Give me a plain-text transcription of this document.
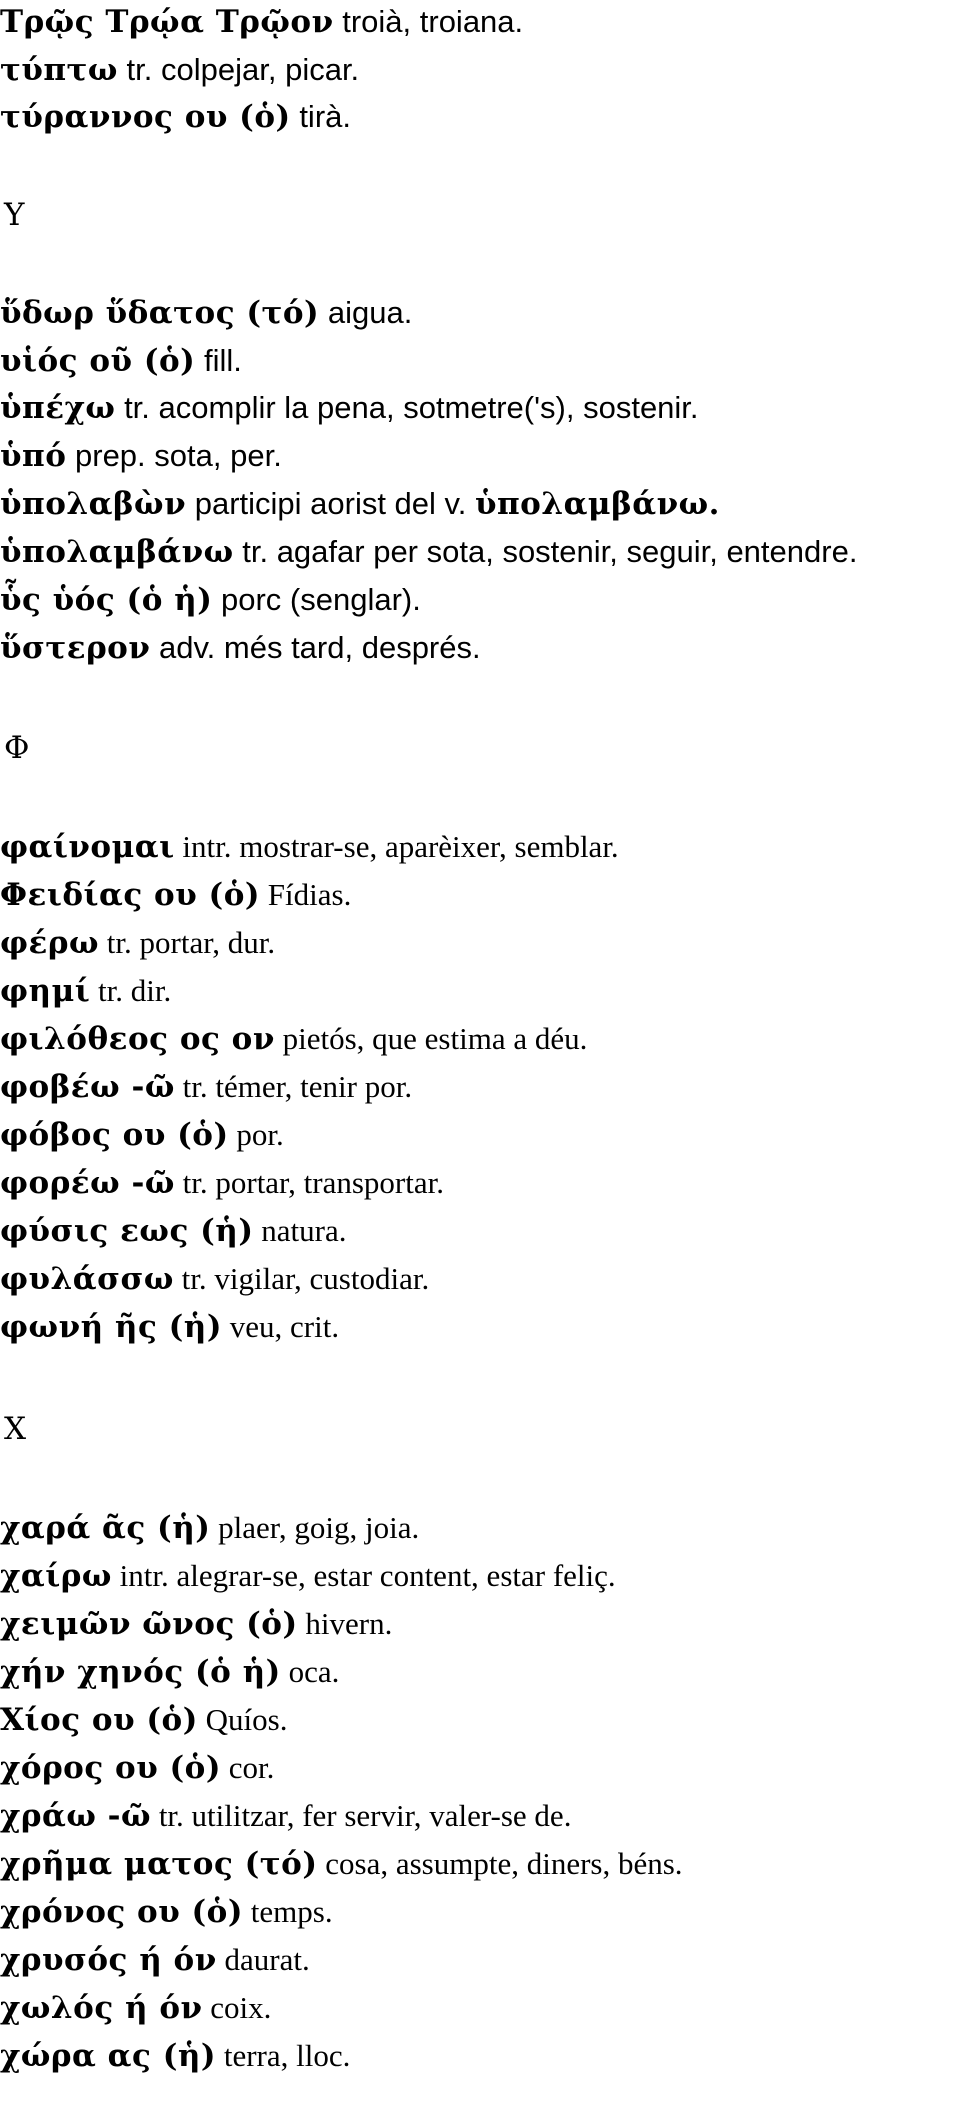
Τρῷς Τρῴα Τρῷον troià, troiana.
τύπτω tr. colpejar, picar.
τύραννος ου (ὁ) tirà.
Υ
ὕδωρ ὕδατος (τό) aigua.
υἱός οῦ (ὁ) fill.
ὑπέχω tr. acomplir la pena, sotmetre('s), sostenir.
ὑπό prep. sota, per.
ὑπολαβὼν participi aorist del v. ὑπολαμβάνω.
ὑπολαμβάνω tr. agafar per sota, sostenir, seguir, entendre.
ὗς ὑός (ὁ ἡ) porc (senglar).
ὕστερον adv. més tard, després.
Φ
φαίνομαι intr. mostrar-se, aparèixer, semblar.
Φειδίας ου (ὁ) Fídias.
φέρω tr. portar, dur.
φημί tr. dir.
φιλόθεος ος ον pietós, que estima a déu.
φοβέω -ῶ tr. témer, tenir por.
φόβος ου (ὁ) por.
φορέω -ῶ tr. portar, transportar.
φύσις εως (ἡ) natura.
φυλάσσω tr. vigilar, custodiar.
φωνή ῆς (ἡ) veu, crit.
Χ
χαρά ᾶς (ἡ) plaer, goig, joia.
χαίρω intr. alegrar-se, estar content, estar feliç.
χειμῶν ῶνος (ὁ) hivern.
χήν χηνός (ὁ ἡ) oca.
Χίος ου (ὁ) Quíos.
χόρος ου (ὁ) cor.
χράω -ῶ tr. utilitzar, fer servir, valer-se de.
χρῆμα ματος (τό) cosa, assumpte, diners, béns.
χρόνος ου (ὁ) temps.
χρυσός ή όν daurat.
χωλός ή όν coix.
χώρα ας (ἡ) terra, lloc.
